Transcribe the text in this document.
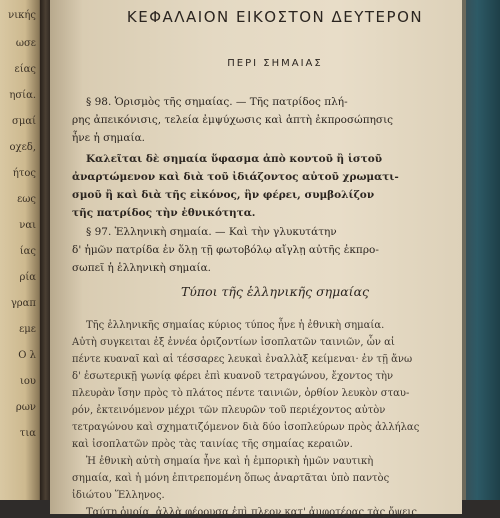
νικής
ωσε
είας
ησία.
σμαί
οχεδ,
ήτος
εως
ναι
ίας
ρία
γραπ
εμε
Ο λ
ιου
ρων
τια
ΚΕΦΑΛΑΙΟΝ ΕΙΚΟΣΤΟΝ ΔΕΥΤΕΡΟΝ
ΠΕΡΙ ΣΗΜΑΙΑΣ
§ 98. Ὁρισμὸς τῆς σημαίας. — Τῆς πατρίδος πλή-
ρης ἀπεικόνισις, τελεία ἐμψύχωσις καὶ ἁπτὴ ἐκπροσώπησις
ἦνε ἡ σημαία.
Καλεῖται δὲ σημαία ὕφασμα ἀπὸ κοντοῦ ἢ ἱστοῦ
ἀναρτώμενον καὶ διὰ τοῦ ἰδιάζοντος αὐτοῦ χρωματι-
σμοῦ ἢ καὶ διὰ τῆς εἰκόνος, ἣν φέρει, συμβολίζον
τῆς πατρίδος τὴν ἐθνικότητα.
§ 97. Ἑλληνικὴ σημαία. — Καὶ τὴν γλυκυτάτην
δ' ἡμῶν πατρίδα ἐν ὅλῃ τῇ φωτοβόλῳ αἴγλῃ αὐτῆς ἐκπρο-
σωπεῖ ἡ ἑλληνικὴ σημαία.
Τύποι τῆς ἑλληνικῆς σημαίας
Τῆς ἑλληνικῆς σημαίας κύριος τύπος ἦνε ἡ ἐθνικὴ σημαία.
Αὐτὴ συγκειται ἐξ ἐννέα ὁριζοντίων ἰσοπλατῶν ταινιῶν, ὧν αἱ
πέντε κυαναῖ καὶ αἱ τέσσαρες λευκαὶ ἐναλλὰξ κείμεναι· ἐν τῇ ἄνω
δ' ἐσωτερικῇ γωνίᾳ φέρει ἐπὶ κυανοῦ τετραγώνου, ἔχοντος τὴν
πλευρὰν ἴσην πρὸς τὸ πλάτος πέντε ταινιῶν, ὀρθίον λευκὸν σταυ-
ρόν, ἐκτεινόμενον μέχρι τῶν πλευρῶν τοῦ περιέχοντος αὐτὸν
τετραγώνου καὶ σχηματιζόμενον διὰ δύο ἰσοπλεύρων πρὸς ἀλλήλας
καὶ ἰσοπλατῶν πρὸς τὰς ταινίας τῆς σημαίας κεραιῶν.
Ἡ ἐθνικὴ αὐτὴ σημαία ἦνε καὶ ἡ ἐμπορικὴ ἡμῶν ναυτικὴ
σημαία, καὶ ἡ μόνη ἐπιτρεπομένη ὅπως ἀναρτᾶται ὑπὸ παντὸς
ἰδιώτου Ἕλληνος.
Ταύτη ὁμοία, ἀλλὰ φέρουσα ἐπὶ πλεον κατ' ἀμφοτέρας τὰς ὄψεις
